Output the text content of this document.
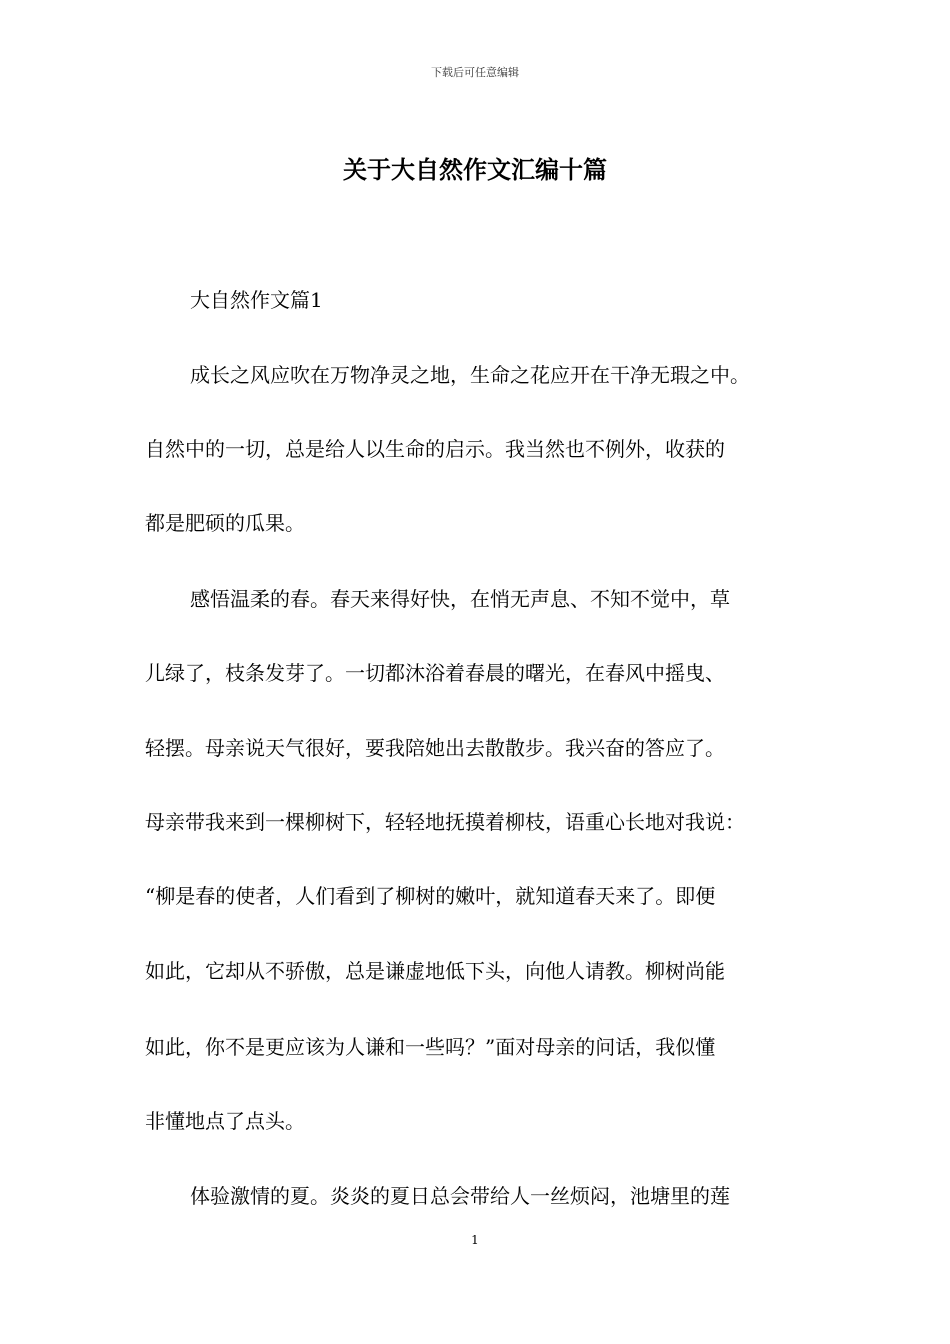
下载后可任意编辑
关于大自然作文汇编十篇
大自然作文篇1
成长之风应吹在万物净灵之地，生命之花应开在干净无瑕之中。
自然中的一切，总是给人以生命的启示。我当然也不例外，收获的
都是肥硕的瓜果。
感悟温柔的春。春天来得好快，在悄无声息、不知不觉中，草
儿绿了，枝条发芽了。一切都沐浴着春晨的曙光，在春风中摇曳、
轻摆。母亲说天气很好，要我陪她出去散散步。我兴奋的答应了。
母亲带我来到一棵柳树下，轻轻地抚摸着柳枝，语重心长地对我说：
“柳是春的使者，人们看到了柳树的嫩叶，就知道春天来了。即便
如此，它却从不骄傲，总是谦虚地低下头，向他人请教。柳树尚能
如此，你不是更应该为人谦和一些吗？”面对母亲的问话，我似懂
非懂地点了点头。
体验激情的夏。炎炎的夏日总会带给人一丝烦闷，池塘里的莲
1
